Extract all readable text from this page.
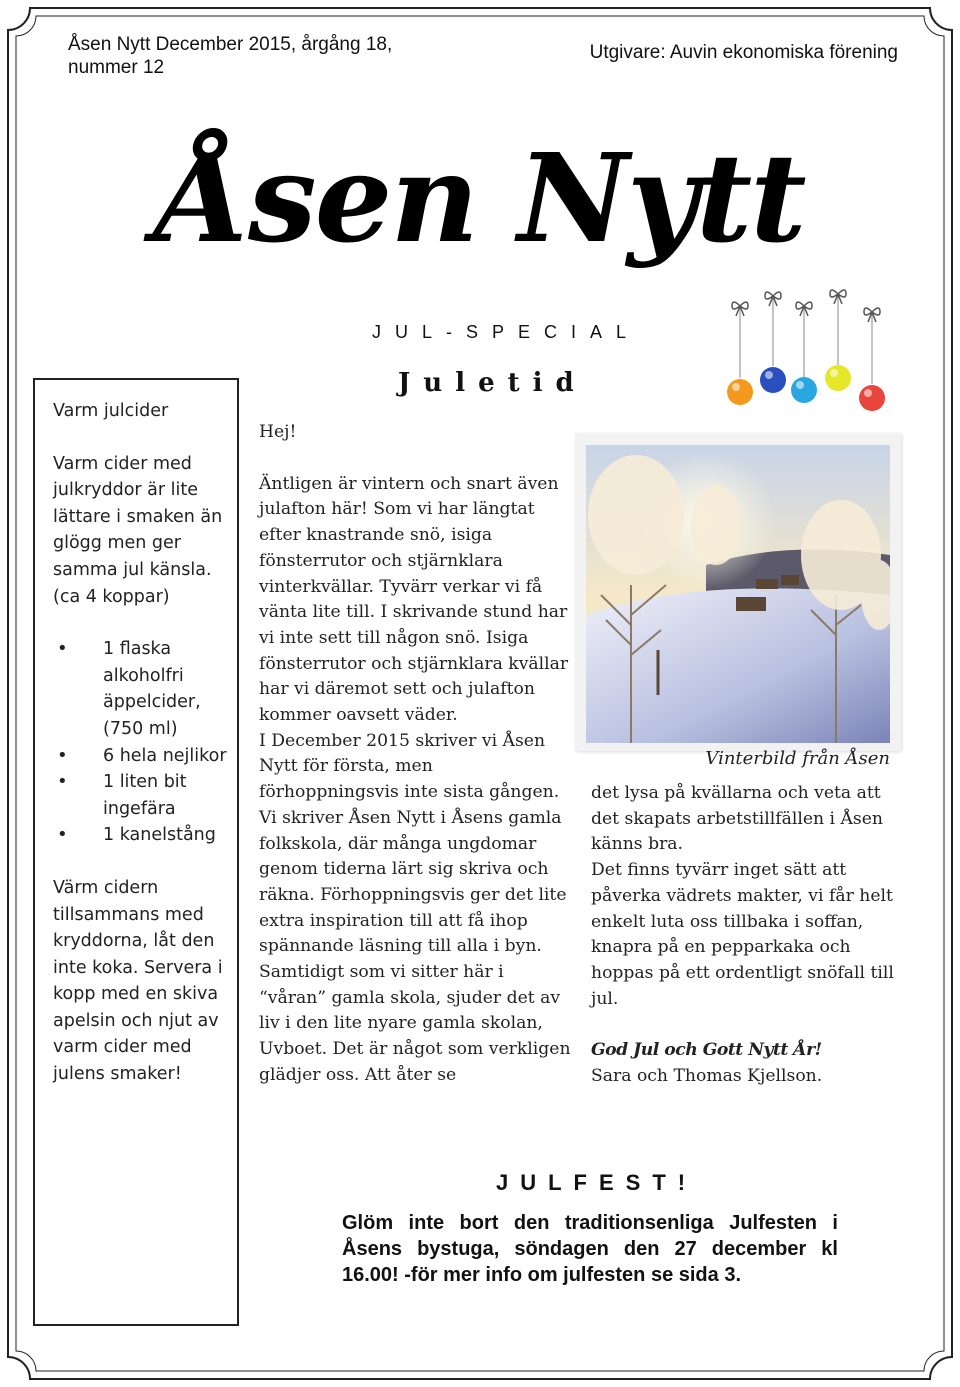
Åsen Nytt December 2015, årgång 18, nummer 12
Utgivare: Auvin ekonomiska förening
Åsen Nytt
JUL-SPECIAL

Varm julcider

Varm cider med julkryddor är lite lättare i smaken än glögg men ger samma jul känsla. (ca 4 koppar)

• 1 flaska alkoholfri äppelcider, (750 ml)
• 6 hela nejlikor
• 1 liten bit ingefära
• 1 kanelstång

Värm cidern tillsammans med kryddorna, låt den inte koka. Servera i kopp med en skiva apelsin och njut av varm cider med julens smaker!

Juletid

Hej!

Äntligen är vintern och snart även julafton här! Som vi har längtat efter knastrande snö, isiga fönsterrutor och stjärnklara vinterkvällar. Tyvärr verkar vi få vänta lite till. I skrivande stund har vi inte sett till någon snö. Isiga fönsterrutor och stjärnklara kvällar har vi däremot sett och julafton kommer oavsett väder.

I December 2015 skriver vi Åsen Nytt för första, men förhoppningsvis inte sista gången.

Vi skriver Åsen Nytt i Åsens gamla folkskola, där många ungdomar genom tiderna lärt sig skriva och räkna. Förhoppningsvis ger det lite extra inspiration till att få ihop spännande läsning till alla i byn.

Samtidigt som vi sitter här i “våran” gamla skola, sjuder det av liv i den lite nyare gamla skolan, Uvboet. Det är något som verkligen glädjer oss. Att åter se

Vinterbild från Åsen

det lysa på kvällarna och veta att det skapats arbetstillfällen i Åsen känns bra.

Det finns tyvärr inget sätt att påverka vädrets makter, vi får helt enkelt luta oss tillbaka i soffan, knapra på en pepparkaka och hoppas på ett ordentligt snöfall till jul.

God Jul och Gott Nytt År!

Sara och Thomas Kjellson.

JULFEST!
Glöm inte bort den traditionsenliga Julfesten i Åsens bystuga, söndagen den 27 december kl 16.00! -för mer info om julfesten se sida 3.
